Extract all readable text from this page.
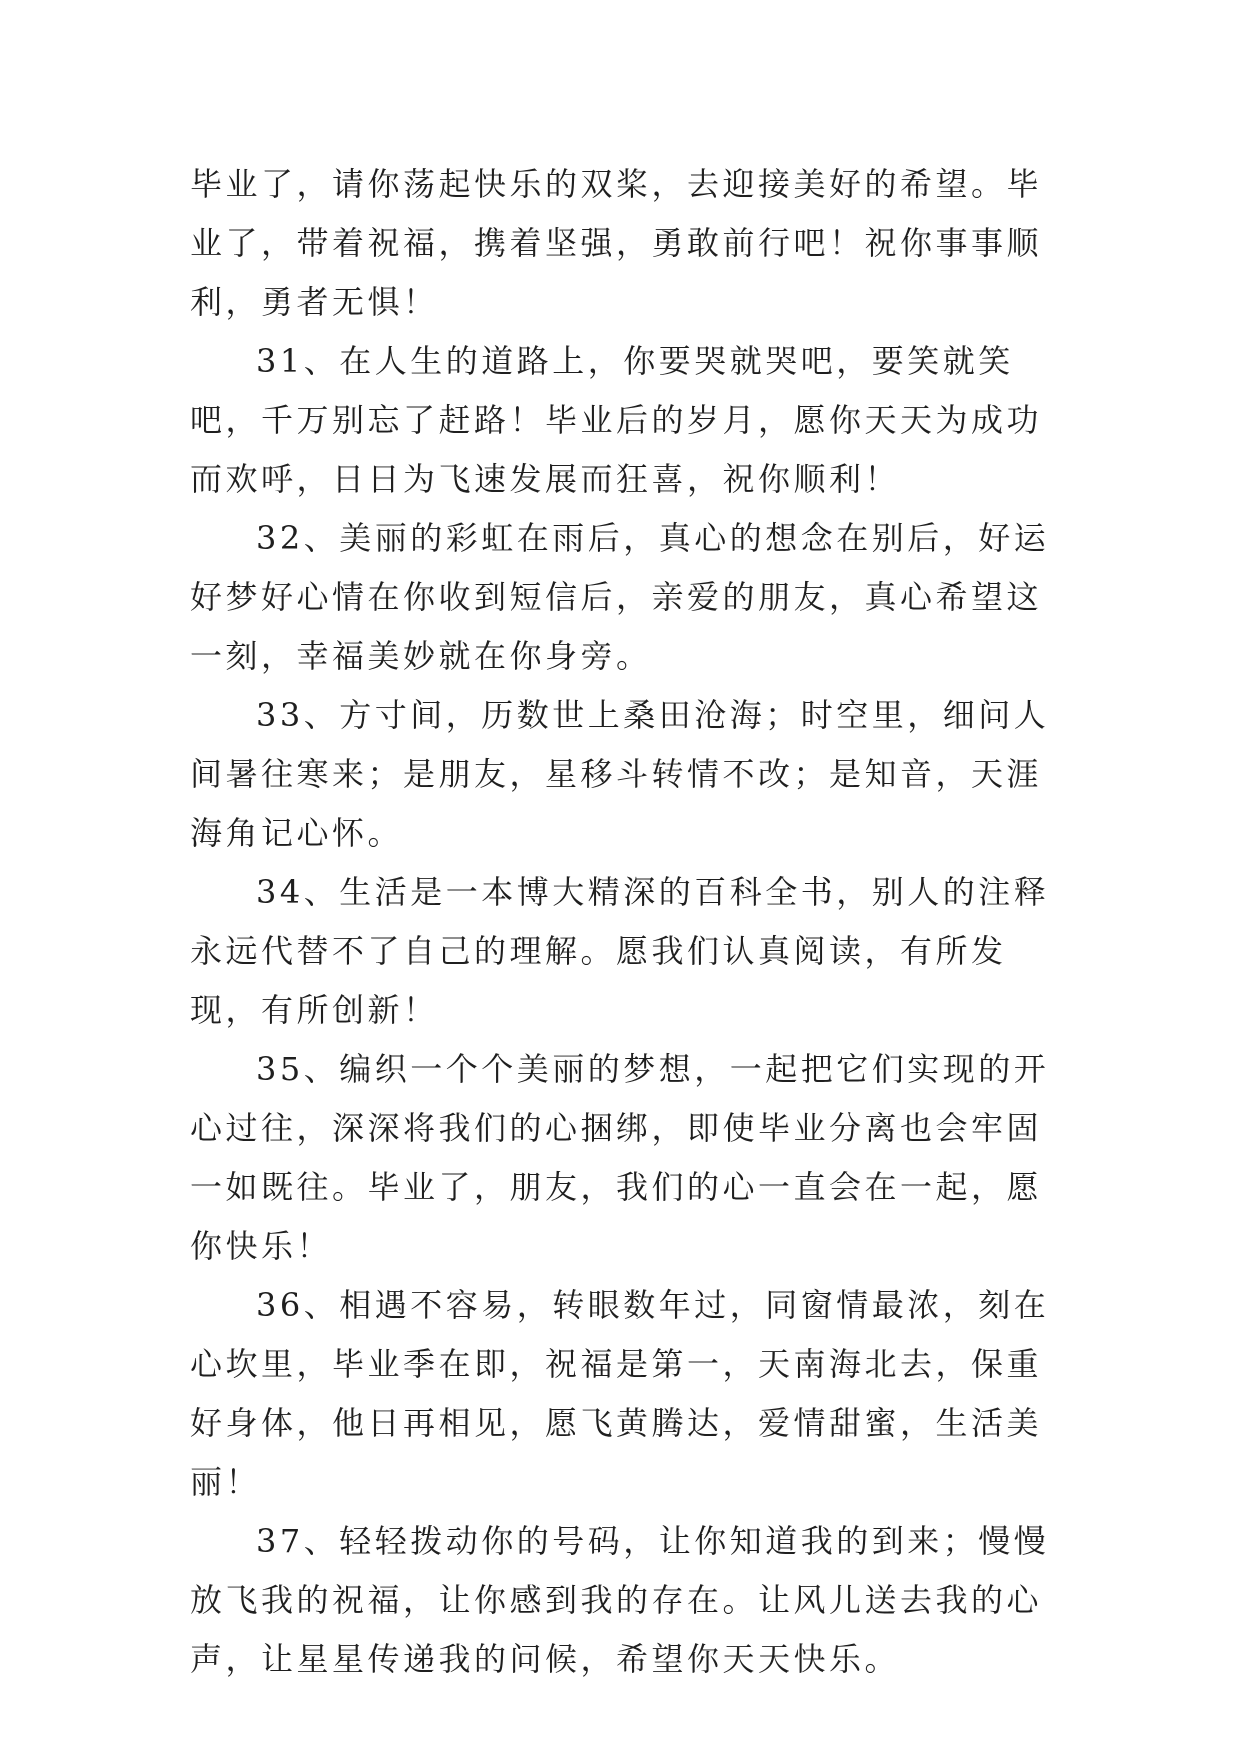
毕业了，请你荡起快乐的双桨，去迎接美好的希望。毕业了，带着祝福，携着坚强，勇敢前行吧！祝你事事顺利，勇者无惧！

31、在人生的道路上，你要哭就哭吧，要笑就笑吧，千万别忘了赶路！毕业后的岁月，愿你天天为成功而欢呼，日日为飞速发展而狂喜，祝你顺利！

32、美丽的彩虹在雨后，真心的想念在别后，好运好梦好心情在你收到短信后，亲爱的朋友，真心希望这一刻，幸福美妙就在你身旁。

33、方寸间，历数世上桑田沧海；时空里，细问人间暑往寒来；是朋友，星移斗转情不改；是知音，天涯海角记心怀。

34、生活是一本博大精深的百科全书，别人的注释永远代替不了自己的理解。愿我们认真阅读，有所发现，有所创新！

35、编织一个个美丽的梦想，一起把它们实现的开心过往，深深将我们的心捆绑，即使毕业分离也会牢固一如既往。毕业了，朋友，我们的心一直会在一起，愿你快乐！

36、相遇不容易，转眼数年过，同窗情最浓，刻在心坎里，毕业季在即，祝福是第一，天南海北去，保重好身体，他日再相见，愿飞黄腾达，爱情甜蜜，生活美丽！

37、轻轻拨动你的号码，让你知道我的到来；慢慢放飞我的祝福，让你感到我的存在。让风儿送去我的心声，让星星传递我的问候，希望你天天快乐。
